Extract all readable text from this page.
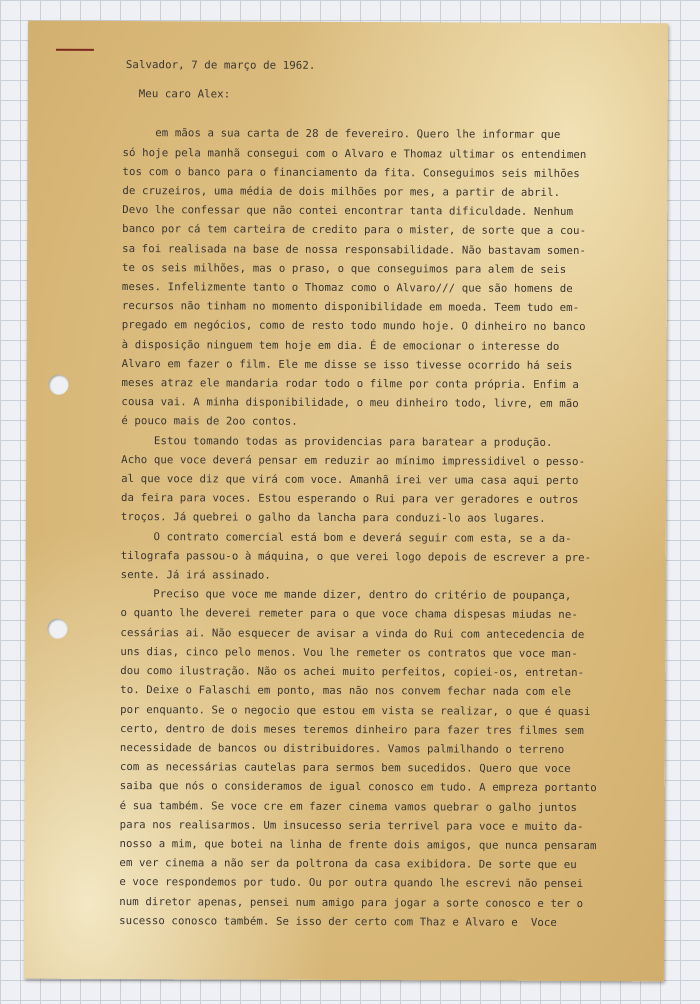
Salvador, 7 de março de 1962.

Meu caro Alex:

em mãos a sua carta de 28 de fevereiro. Quero lhe informar que

só hoje pela manhã consegui com o Alvaro e Thomaz ultimar os entendimen

tos com o banco para o financiamento da fita. Conseguimos seis milhões

de cruzeiros, uma média de dois milhões por mes, a partir de abril.

Devo lhe confessar que não contei encontrar tanta dificuldade. Nenhum

banco por cá tem carteira de credito para o mister, de sorte que a cou-

sa foi realisada na base de nossa responsabilidade. Não bastavam somen-

te os seis milhões, mas o praso, o que conseguimos para alem de seis

meses. Infelizmente tanto o Thomaz como o Alvaro/// que são homens de

recursos não tinham no momento disponibilidade em moeda. Teem tudo em-

pregado em negócios, como de resto todo mundo hoje. O dinheiro no banco

à disposição ninguem tem hoje em dia. É de emocionar o interesse do

Alvaro em fazer o film. Ele me disse se isso tivesse ocorrido há seis

meses atraz ele mandaria rodar todo o filme por conta própria. Enfim a

cousa vai. A minha disponibilidade, o meu dinheiro todo, livre, em mão

é pouco mais de 2oo contos.

Estou tomando todas as providencias para baratear a produção.

Acho que voce deverá pensar em reduzir ao mínimo impressidivel o pesso-

al que voce diz que virá com voce. Amanhã irei ver uma casa aqui perto

da feira para voces. Estou esperando o Rui para ver geradores e outros

troços. Já quebrei o galho da lancha para conduzi-lo aos lugares.

O contrato comercial está bom e deverá seguir com esta, se a da-

tilografa passou-o à máquina, o que verei logo depois de escrever a pre-

sente. Já irá assinado.

Preciso que voce me mande dizer, dentro do critério de poupança,

o quanto lhe deverei remeter para o que voce chama dispesas miudas ne-

cessárias ai. Não esquecer de avisar a vinda do Rui com antecedencia de

uns dias, cinco pelo menos. Vou lhe remeter os contratos que voce man-

dou como ilustração. Não os achei muito perfeitos, copiei-os, entretan-

to. Deixe o Falaschi em ponto, mas não nos convem fechar nada com ele

por enquanto. Se o negocio que estou em vista se realizar, o que é quasi

certo, dentro de dois meses teremos dinheiro para fazer tres filmes sem

necessidade de bancos ou distribuidores. Vamos palmilhando o terreno

com as necessárias cautelas para sermos bem sucedidos. Quero que voce

saiba que nós o consideramos de igual conosco em tudo. A empreza portanto

é sua também. Se voce cre em fazer cinema vamos quebrar o galho juntos

para nos realisarmos. Um insucesso seria terrivel para voce e muito da-

nosso a mim, que botei na linha de frente dois amigos, que nunca pensaram

em ver cinema a não ser da poltrona da casa exibidora. De sorte que eu

e voce respondemos por tudo. Ou por outra quando lhe escrevi não pensei

num diretor apenas, pensei num amigo para jogar a sorte conosco e ter o

sucesso conosco também. Se isso der certo com Thaz e Alvaro e  Voce
